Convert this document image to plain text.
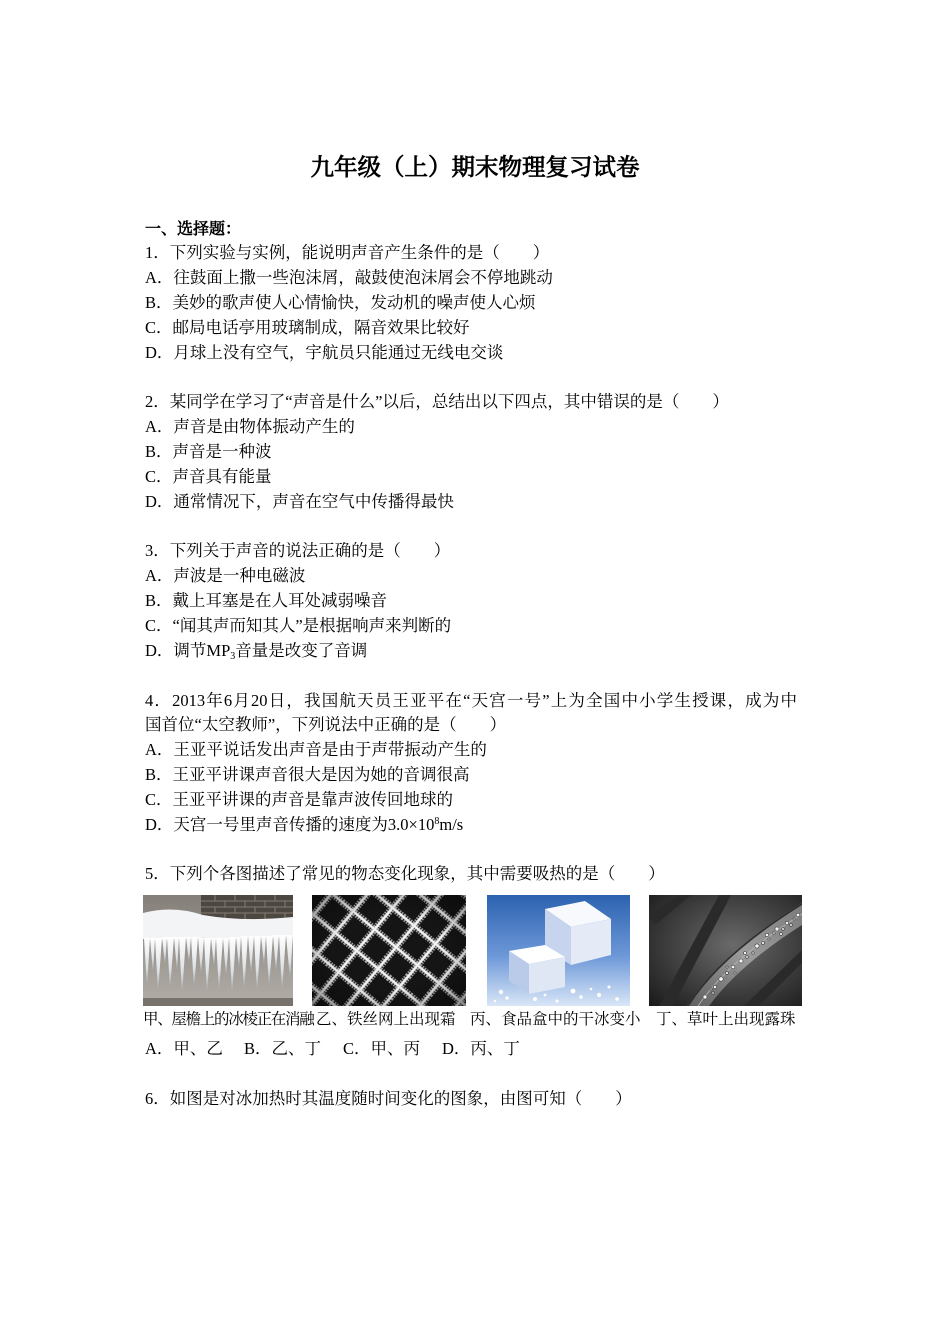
九年级（上）期末物理复习试卷
一、选择题：
1．下列实验与实例，能说明声音产生条件的是（　　）
A．往鼓面上撒一些泡沫屑，敲鼓使泡沫屑会不停地跳动
B．美妙的歌声使人心情愉快，发动机的噪声使人心烦
C．邮局电话亭用玻璃制成，隔音效果比较好
D．月球上没有空气，宇航员只能通过无线电交谈
2．某同学在学习了“声音是什么”以后，总结出以下四点，其中错误的是（　　）
A．声音是由物体振动产生的
B．声音是一种波
C．声音具有能量
D．通常情况下，声音在空气中传播得最快
3．下列关于声音的说法正确的是（　　）
A．声波是一种电磁波
B．戴上耳塞是在人耳处减弱噪音
C．“闻其声而知其人”是根据响声来判断的
D．调节$MP_3$音量是改变了音调
4．2013年6月20日，我国航天员王亚平在“天宫一号”上为全国中小学生授课，成为中
国首位“太空教师”，下列说法中正确的是（　　）
A．王亚平说话发出声音是由于声带振动产生的
B．王亚平讲课声音很大是因为她的音调很高
C．王亚平讲课的声音是靠声波传回地球的
D．天宫一号里声音传播的速度为$3.0\times 10^8m/s$
5．下列个各图描述了常见的物态变化现象，其中需要吸热的是（　　）
甲、屋檐上的冰棱正在消融 乙、铁丝网上出现霜 丙、食品盒中的干冰变小 丁、草叶上出现露珠
A．甲、乙 B．乙、丁 C．甲、丙 D．丙、丁
6．如图是对冰加热时其温度随时间变化的图象，由图可知（　　）
